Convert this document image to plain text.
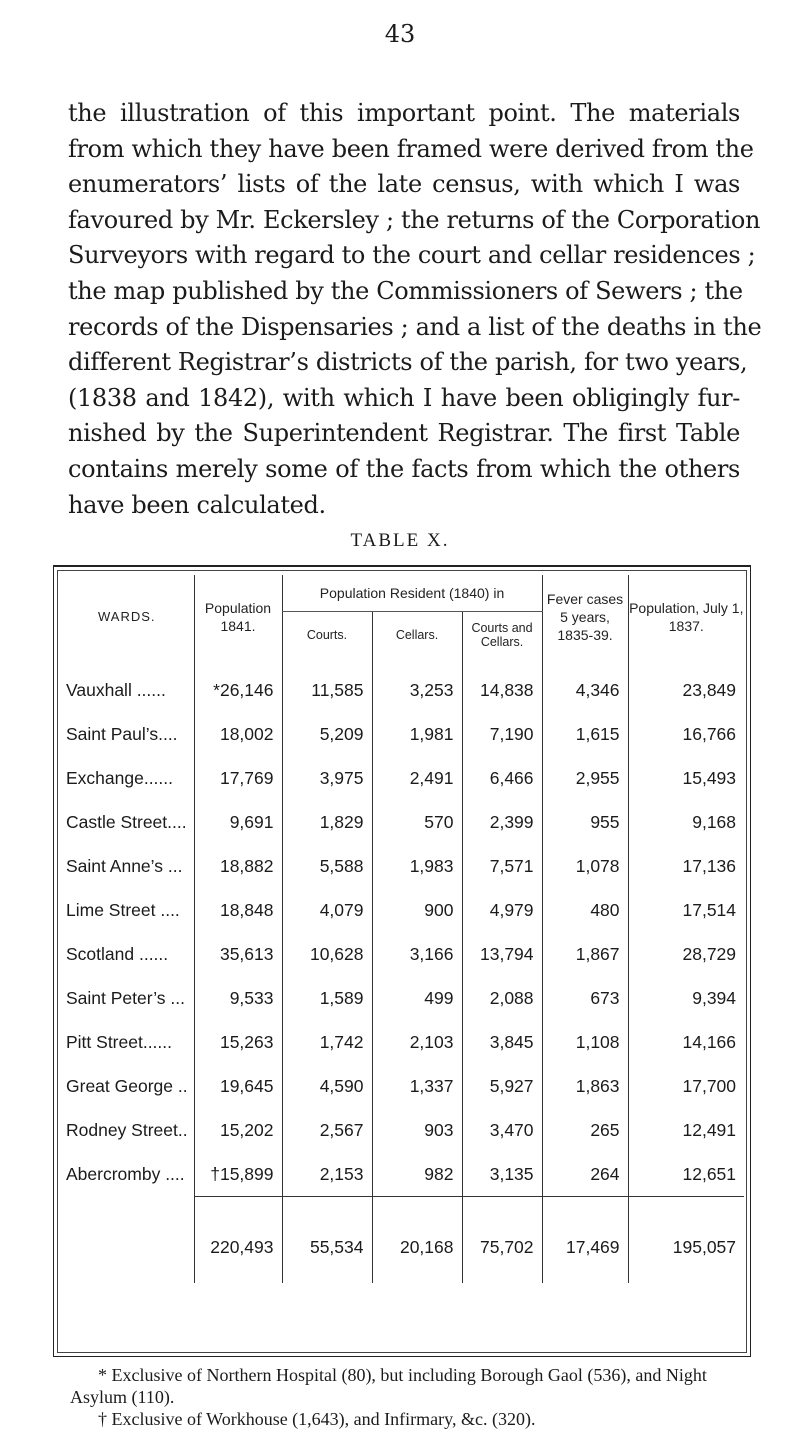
43
the illustration of this important point. The materials
from which they have been framed were derived from the
enumerators’ lists of the late census, with which I was
favoured by Mr. Eckersley ; the returns of the Corporation
Surveyors with regard to the court and cellar residences ;
the map published by the Commissioners of Sewers ; the
records of the Dispensaries ; and a list of the deaths in the
different Registrar’s districts of the parish, for two years,
(1838 and 1842), with which I have been obligingly fur-
nished by the Superintendent Registrar. The first Table
contains merely some of the facts from which the others
have been calculated.
TABLE X.
WARDS.	Population 1841.	Population Resident (1840) in			Fever cases 5 years, 1835-39.	Population, July 1, 1837.
		Courts.	Cellars.	Courts and Cellars.		
Vauxhall ......	*26,146	11,585	3,253	14,838	4,346	23,849
Saint Paul’s....	18,002	5,209	1,981	7,190	1,615	16,766
Exchange......	17,769	3,975	2,491	6,466	2,955	15,493
Castle Street....	9,691	1,829	570	2,399	955	9,168
Saint Anne’s ...	18,882	5,588	1,983	7,571	1,078	17,136
Lime Street ....	18,848	4,079	900	4,979	480	17,514
Scotland ......	35,613	10,628	3,166	13,794	1,867	28,729
Saint Peter’s ...	9,533	1,589	499	2,088	673	9,394
Pitt Street......	15,263	1,742	2,103	3,845	1,108	14,166
Great George ..	19,645	4,590	1,337	5,927	1,863	17,700
Rodney Street..	15,202	2,567	903	3,470	265	12,491
Abercromby ....	†15,899	2,153	982	3,135	264	12,651
	220,493	55,534	20,168	75,702	17,469	195,057

* Exclusive of Northern Hospital (80), but including Borough Gaol (536), and Night Asylum (110).

† Exclusive of Workhouse (1,643), and Infirmary, &c. (320).
